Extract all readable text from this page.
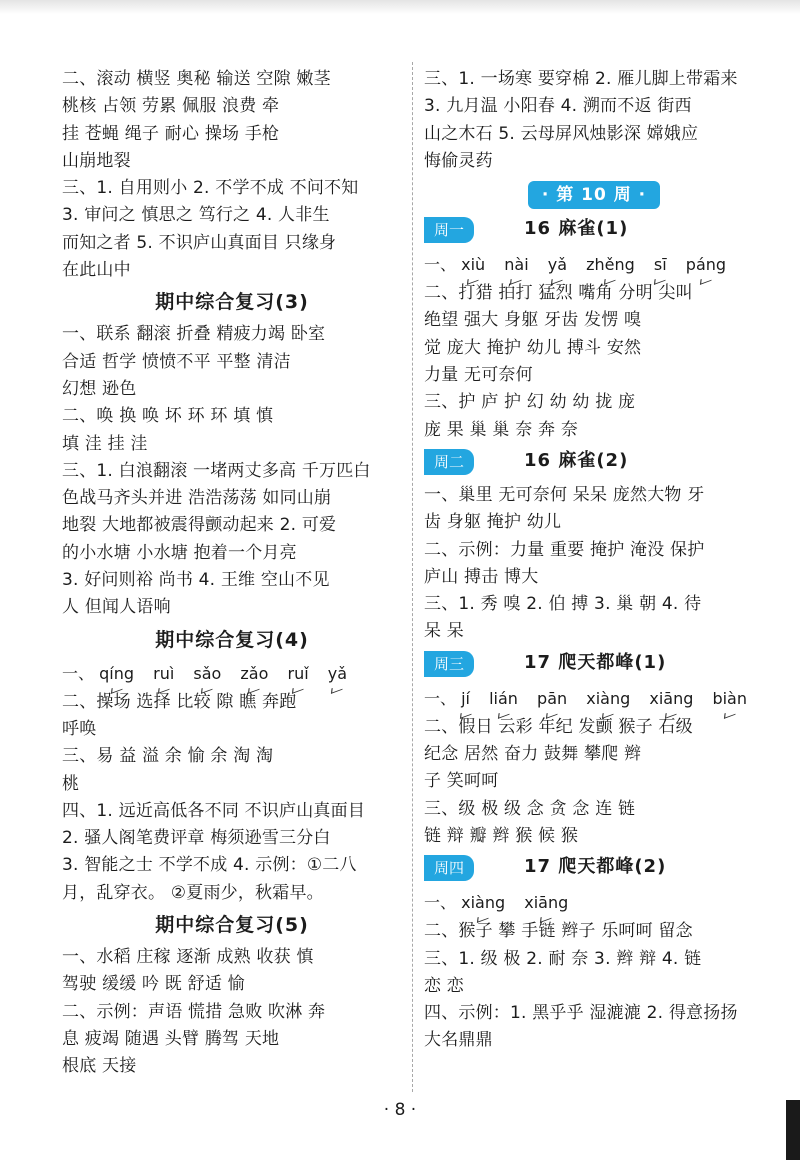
二、滚动 横竖 奥秘 输送 空隙 嫩茎
桃核 占领 劳累 佩服 浪费 牵
挂 苍蝇 绳子 耐心 操场 手枪
山崩地裂
三、1. 自用则小 2. 不学不成 不问不知
3. 审问之 慎思之 笃行之 4. 人非生
而知之者 5. 不识庐山真面目 只缘身
在此山中
期中综合复习(3)
一、联系 翻滚 折叠 精疲力竭 卧室
合适 哲学 愤愤不平 平整 清洁
幻想 逊色
二、唤 换 唤 坏 环 环 填 慎
填 洼 挂 洼
三、1. 白浪翻滚 一堵两丈多高 千万匹白
色战马齐头并进 浩浩荡荡 如同山崩
地裂 大地都被震得颤动起来 2. 可爱
的小水塘 小水塘 抱着一个月亮
3. 好问则裕 尚书 4. 王维 空山不见
人 但闻人语响
期中综合复习(4)
一、 qíng ruì sǎo zǎo ruǐ yǎ
二、操场 选择 比较 隙 瞧 奔跑
呼唤
三、易 益 溢 余 愉 余 淘 淘
桃
四、1. 远近高低各不同 不识庐山真面目
2. 骚人阁笔费评章 梅须逊雪三分白
3. 智能之士 不学不成 4. 示例：①二八
月，乱穿衣。 ②夏雨少，秋霜早。
期中综合复习(5)
一、水稻 庄稼 逐渐 成熟 收获 慎
驾驶 缓缓 吟 既 舒适 愉
二、示例：声语 慌措 急败 吹淋 奔
息 疲竭 随遇 头臂 腾驾 天地
根底 天接
三、1. 一场寒 要穿棉 2. 雁儿脚上带霜来
3. 九月温 小阳春 4. 溯而不返 街西
山之木石 5. 云母屏风烛影深 嫦娥应
悔偷灵药
· 第 10 周 ·
周一	16 麻雀(1)
一、 xiù nài yǎ zhěng sī páng
二、打猎 拍打 猛烈 嘴角 分明 尖叫
绝望 强大 身躯 牙齿 发愣 嗅
觉 庞大 掩护 幼儿 搏斗 安然
力量 无可奈何
三、护 庐 护 幻 幼 幼 拢 庞
庞 果 巢 巢 奈 奔 奈
周二	16 麻雀(2)
一、巢里 无可奈何 呆呆 庞然大物 牙
齿 身躯 掩护 幼儿
二、示例：力量 重要 掩护 淹没 保护
庐山 搏击 博大
三、1. 秀 嗅 2. 伯 搏 3. 巢 朝 4. 待
呆 呆
周三	17 爬天都峰(1)
一、 jí lián pān xiàng xiāng biàn
二、假日 云彩 年纪 发颤 猴子 石级
纪念 居然 奋力 鼓舞 攀爬 辫
子 笑呵呵
三、级 极 级 念 贪 念 连 链
链 辩 瓣 辫 猴 候 猴
周四	17 爬天都峰(2)
一、 xiàng xiāng
二、猴子 攀 手链 辫子 乐呵呵 留念
三、1. 级 极 2. 耐 奈 3. 辫 辩 4. 链
恋 恋
四、示例：1. 黑乎乎 湿漉漉 2. 得意扬扬
大名鼎鼎
· 8 ·
